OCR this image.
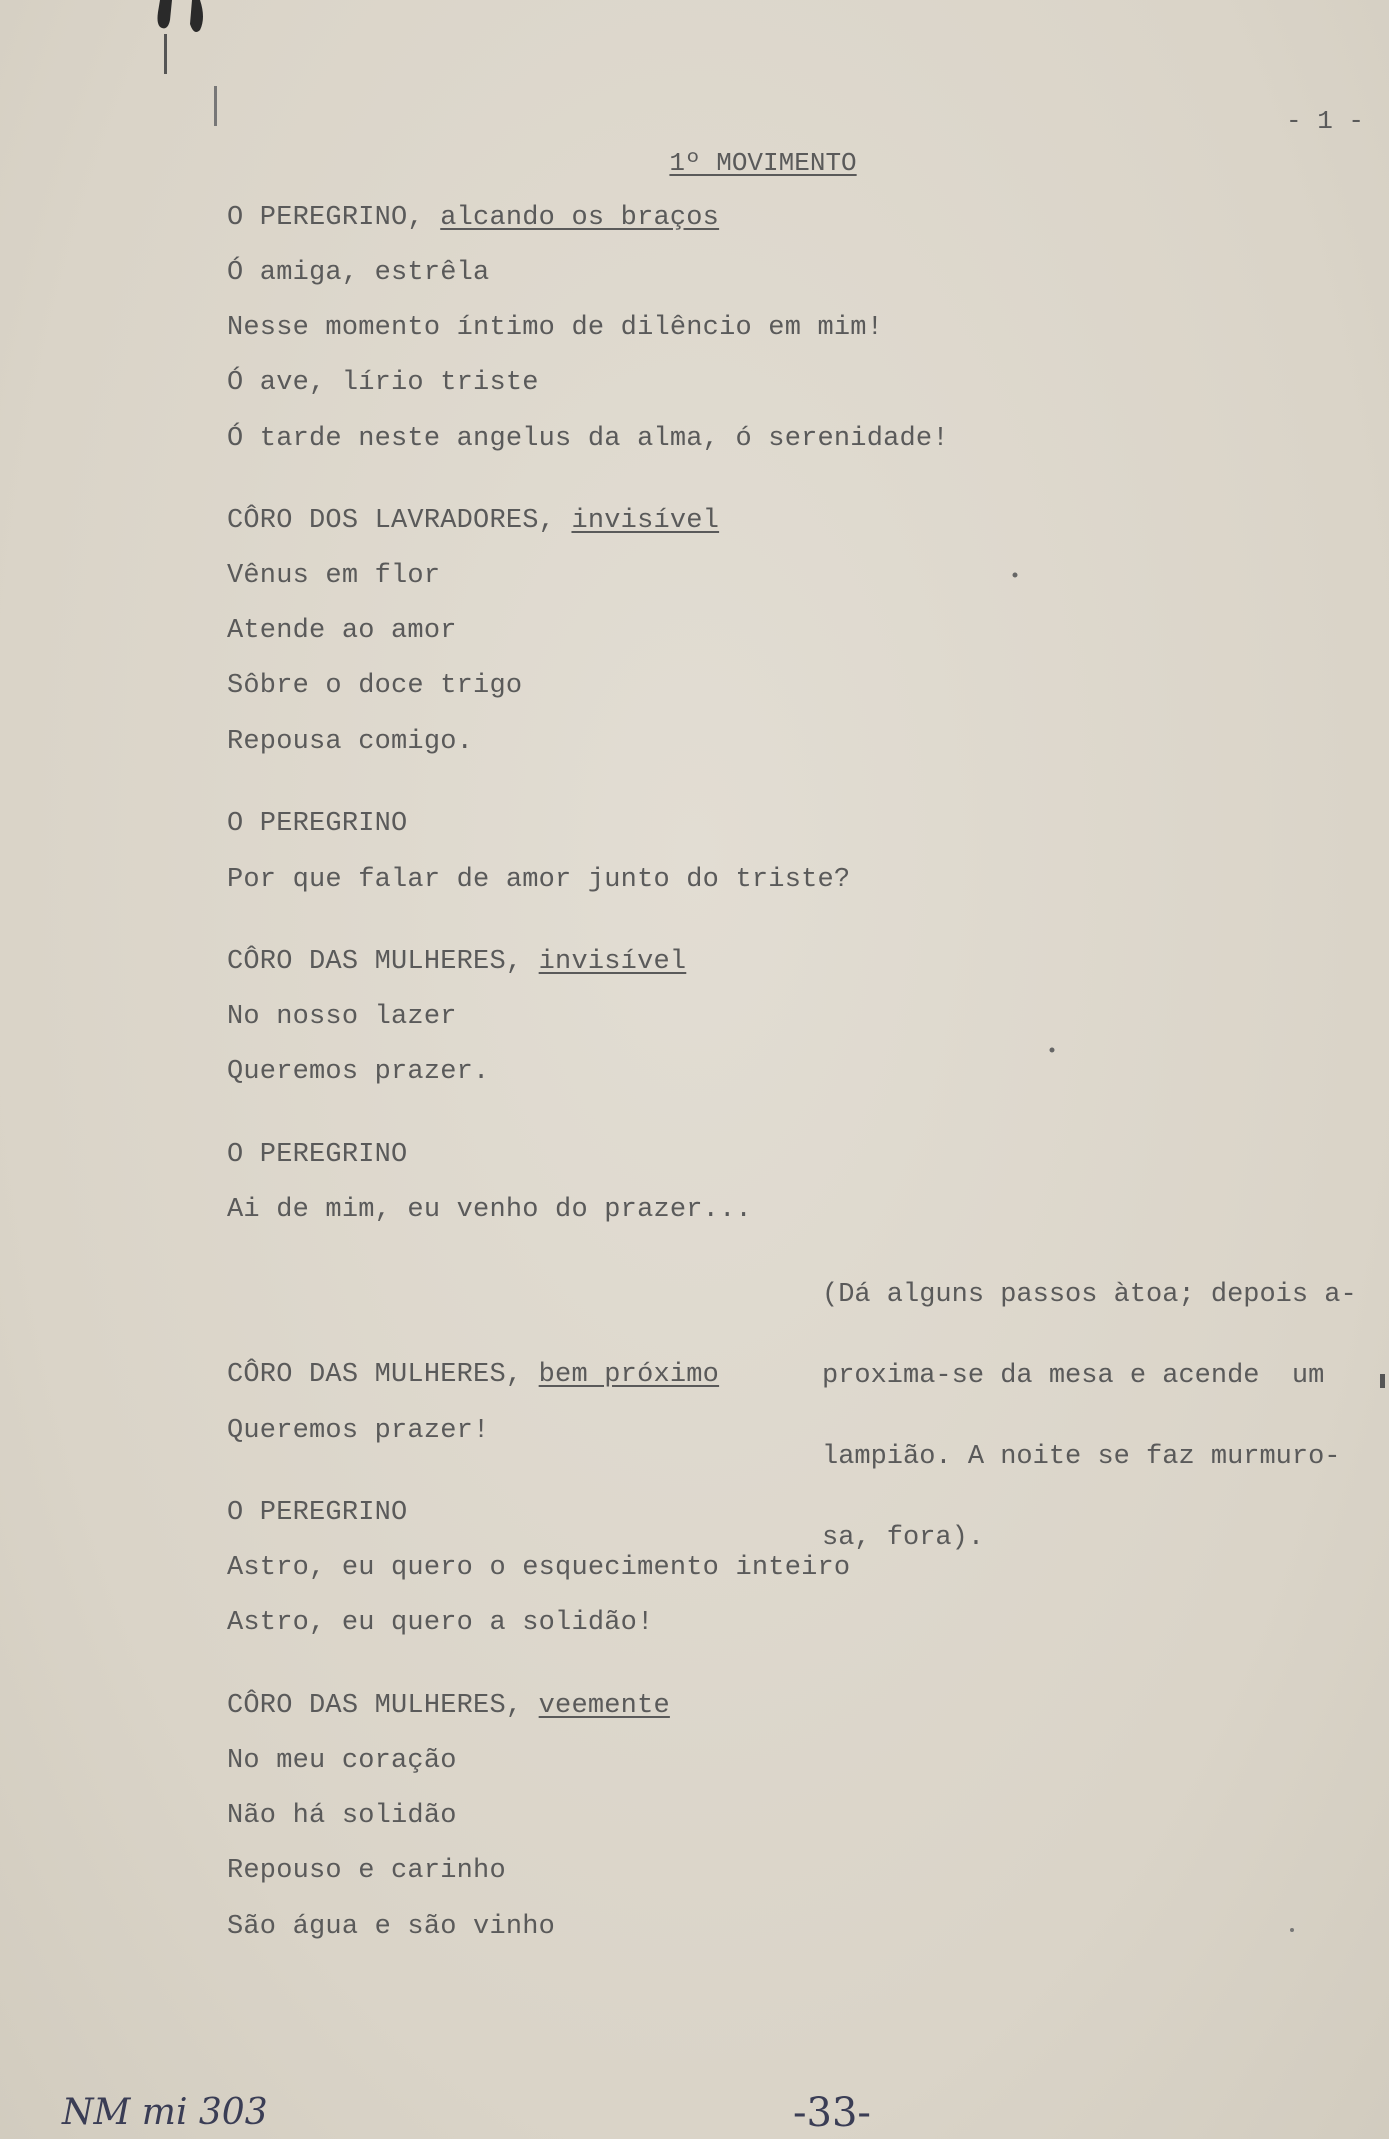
1º MOVIMENTO

- 1 -
O PEREGRINO, alcando os braços
Ó amiga, estrêla
Nesse momento íntimo de dilêncio em mim!
Ó ave, lírio triste
Ó tarde neste angelus da alma, ó serenidade!
CÔRO DOS LAVRADORES, invisível
Vênus em flor
Atende ao amor
Sôbre o doce trigo
Repousa comigo.
O PEREGRINO
Por que falar de amor junto do triste?
CÔRO DAS MULHERES, invisível
No nosso lazer
Queremos prazer.
O PEREGRINO
Ai de mim, eu venho do prazer...

(Dá alguns passos àtoa; depois a-

proxima-se da mesa e acende  um

lampião. A noite se faz murmuro-

sa, fora).

CÔRO DAS MULHERES, bem próximo
Queremos prazer!
O PEREGRINO
Astro, eu quero o esquecimento inteiro
Astro, eu quero a solidão!
CÔRO DAS MULHERES, veemente
No meu coração
Não há solidão
Repouso e carinho
São água e são vinho
NM mi 303	-33-
